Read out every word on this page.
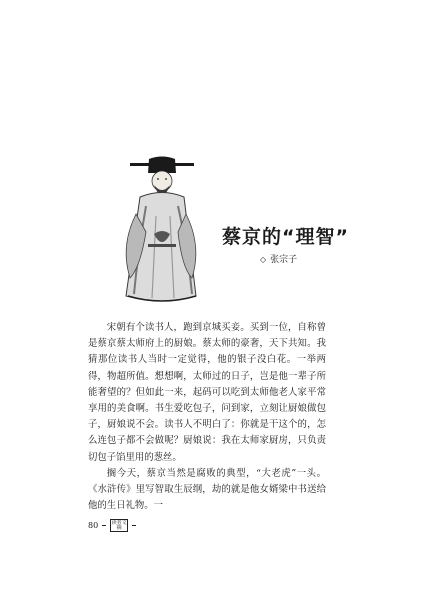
蔡京的“理智”
◇ 张宗子

宋朝有个读书人，跑到京城买妾。买到一位，自称曾是蔡京蔡太师府上的厨娘。蔡太师的豪奢，天下共知。我猜那位读书人当时一定觉得，他的银子没白花。一举两得，物超所值。想想啊，太师过的日子，岂是他一辈子所能奢望的？但如此一来，起码可以吃到太师他老人家平常享用的美食啊。书生爱吃包子，问到家，立刻让厨娘做包子，厨娘说不会。读书人不明白了：你就是干这个的，怎么连包子都不会做呢？厨娘说：我在太师家厨房，只负责切包子馅里用的葱丝。

搁今天，蔡京当然是腐败的典型，“大老虎”一头。《水浒传》里写智取生辰纲，劫的就是他女婿梁中书送给他的生日礼物。一

80	读者文摘
